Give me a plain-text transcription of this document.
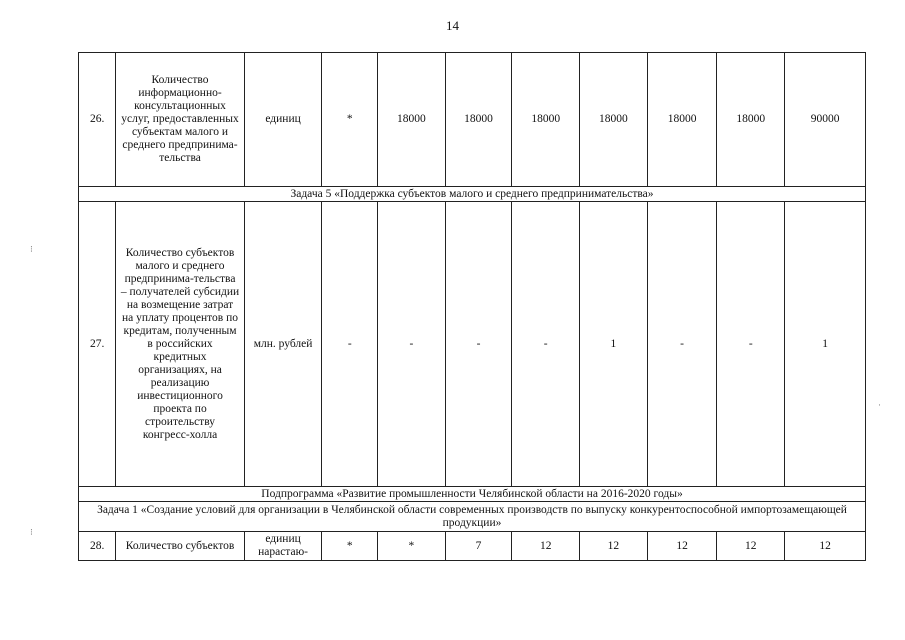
14
⁝
⁝
·
26.	Количество информационно-консультационных услуг, предоставленных субъектам малого и среднего предпринима-тельства	единиц	*	18000	18000	18000	18000	18000	18000	90000
Задача 5 «Поддержка субъектов малого и среднего предпринимательства»										
27.	Количество субъектов малого и среднего предпринима-тельства – получателей субсидии на возмещение затрат на уплату процентов по кредитам, полученным в российских кредитных организациях, на реализацию инвестиционного проекта по строительству конгресс-холла	млн. рублей	-	-	-	-	1	-	-	1
Подпрограмма «Развитие промышленности Челябинской области на 2016-2020 годы»										
Задача 1 «Создание условий для организации в Челябинской области современных производств по выпуску конкурентоспособной импортозамещающей продукции»										
28.	Количество субъектов	единиц нарастаю-	*	*	7	12	12	12	12	12
